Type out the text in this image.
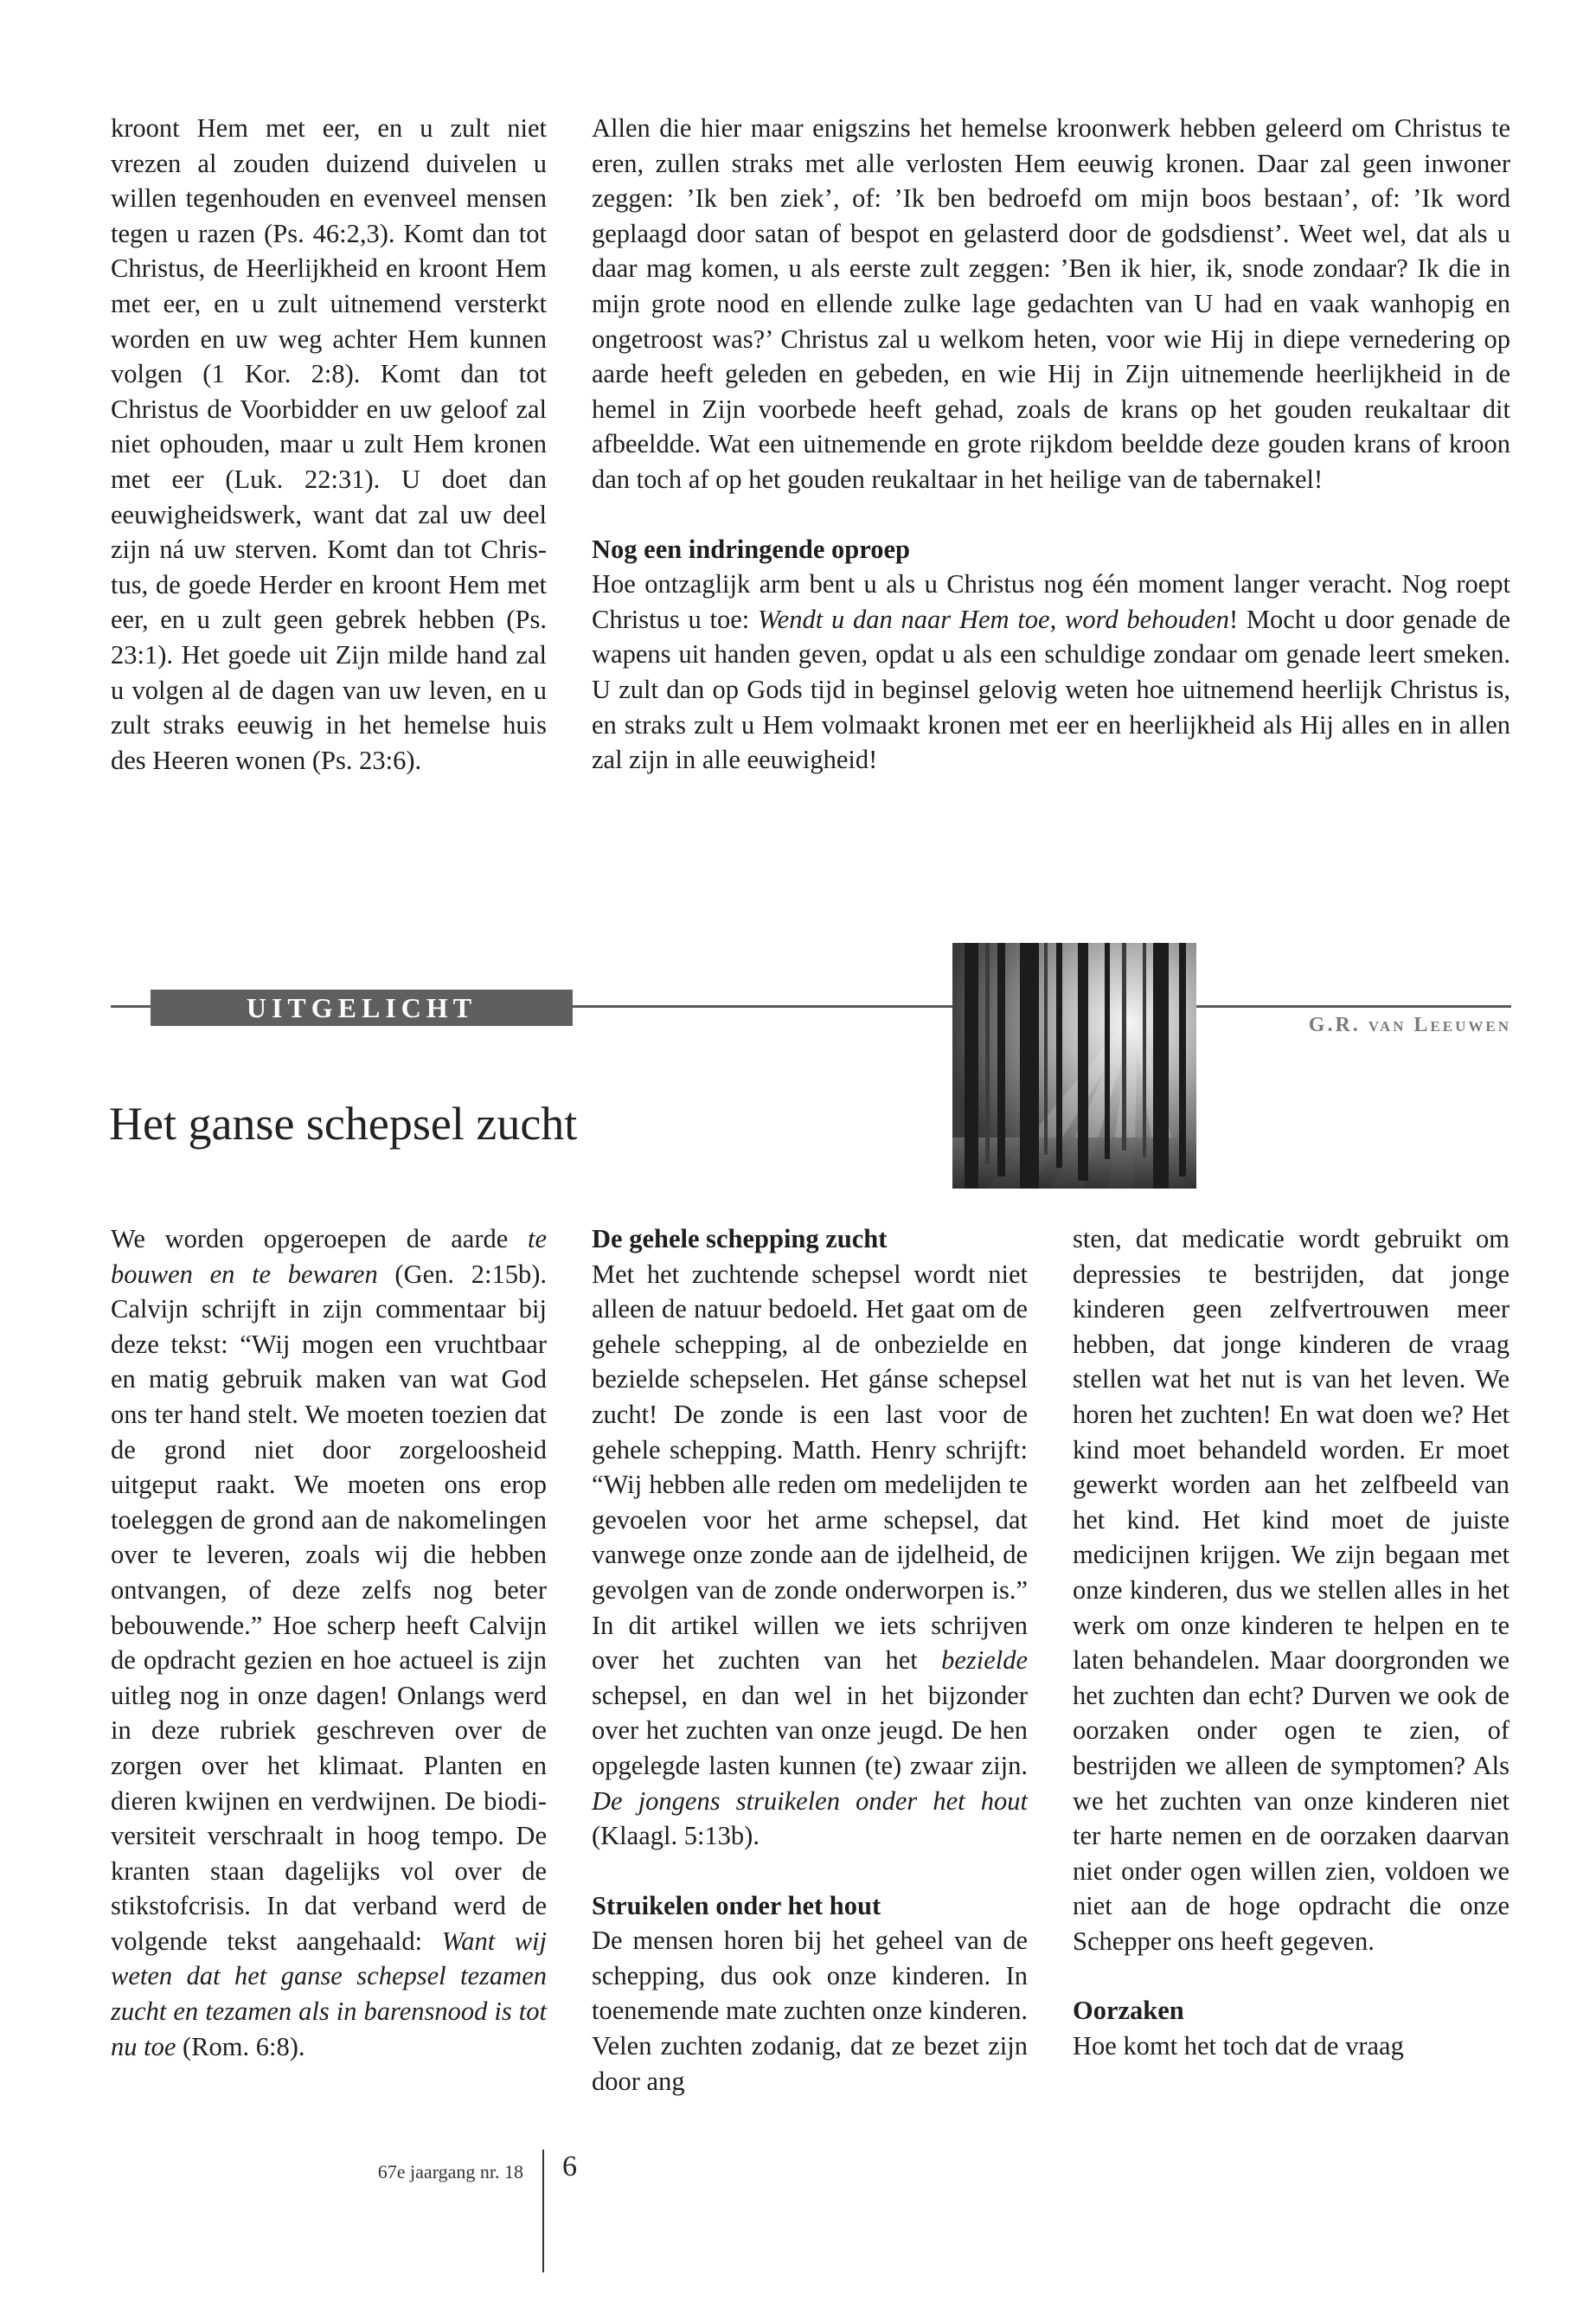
kroont Hem met eer, en u zult niet vrezen al zouden duizend duivelen u willen tegenhouden en evenveel mensen tegen u razen (Ps. 46:2,3). Komt dan tot Christus, de Heerlijkheid en kroont Hem met eer, en u zult uitnemend versterkt worden en uw weg achter Hem kunnen volgen (1 Kor. 2:8). Komt dan tot Christus de Voorbidder en uw geloof zal niet ophouden, maar u zult Hem kronen met eer (Luk. 22:31). U doet dan eeuwigheidswerk, want dat zal uw deel zijn ná uw sterven. Komt dan tot Christus, de goede Herder en kroont Hem met eer, en u zult geen gebrek hebben (Ps. 23:1). Het goede uit Zijn milde hand zal u volgen al de dagen van uw leven, en u zult straks eeuwig in het hemelse huis des Heeren wonen (Ps. 23:6).

Allen die hier maar enigszins het hemelse kroonwerk hebben geleerd om Christus te eren, zullen straks met alle verlosten Hem eeuwig kronen. Daar zal geen inwoner zeggen: ’Ik ben ziek’, of: ’Ik ben bedroefd om mijn boos bestaan’, of: ’Ik word geplaagd door satan of bespot en gelasterd door de godsdienst’. Weet wel, dat als u daar mag komen, u als eerste zult zeggen: ’Ben ik hier, ik, snode zondaar? Ik die in mijn grote nood en ellende zulke lage gedachten van U had en vaak wanhopig en ongetroost was?’ Christus zal u welkom heten, voor wie Hij in diepe vernedering op aarde heeft geleden en gebeden, en wie Hij in Zijn uitnemende heerlijkheid in de hemel in Zijn voorbede heeft gehad, zoals de krans op het gouden reukaltaar dit afbeeldde. Wat een uitnemende en grote rijkdom beeldde deze gouden krans of kroon dan toch af op het gouden reukaltaar in het heilige van de tabernakel!

Nog een indringende oproep

Hoe ontzaglijk arm bent u als u Christus nog één moment langer veracht. Nog roept Christus u toe: Wendt u dan naar Hem toe, word behouden! Mocht u door genade de wapens uit handen geven, opdat u als een schuldige zondaar om genade leert smeken. U zult dan op Gods tijd in beginsel gelovig weten hoe uitnemend heerlijk Christus is, en straks zult u Hem volmaakt kronen met eer en heerlijkheid als Hij alles en in allen zal zijn in alle eeuwigheid!

UITGELICHT
G.R. van Leeuwen
Het ganse schepsel zucht

We worden opgeroepen de aarde te bouwen en te bewaren (Gen. 2:15b). Calvijn schrijft in zijn commentaar bij deze tekst: “Wij mogen een vruchtbaar en matig gebruik maken van wat God ons ter hand stelt. We moeten toezien dat de grond niet door zorgeloosheid uitgeput raakt. We moeten ons erop toeleggen de grond aan de nakomelingen over te leveren, zoals wij die hebben ontvangen, of deze zelfs nog beter bebouwende.” Hoe scherp heeft Calvijn de opdracht gezien en hoe actueel is zijn uitleg nog in onze dagen! Onlangs werd in deze rubriek geschreven over de zorgen over het klimaat. Planten en dieren kwijnen en verdwijnen. De biodiversiteit verschraalt in hoog tempo. De kranten staan dagelijks vol over de stikstofcrisis. In dat verband werd de volgende tekst aangehaald: Want wij weten dat het ganse schepsel tezamen zucht en tezamen als in barensnood is tot nu toe (Rom. 6:8).

De gehele schepping zucht

Met het zuchtende schepsel wordt niet alleen de natuur bedoeld. Het gaat om de gehele schepping, al de onbezielde en bezielde schepselen. Het gánse schepsel zucht! De zonde is een last voor de gehele schepping. Matth. Henry schrijft: “Wij hebben alle reden om medelijden te gevoelen voor het arme schepsel, dat vanwege onze zonde aan de ijdelheid, de gevolgen van de zonde onderworpen is.” In dit artikel willen we iets schrijven over het zuchten van het bezielde schepsel, en dan wel in het bijzonder over het zuchten van onze jeugd. De hen opgelegde lasten kunnen (te) zwaar zijn. De jongens struikelen onder het hout (Klaagl. 5:13b).

Struikelen onder het hout

De mensen horen bij het geheel van de schepping, dus ook onze kinderen. In toenemende mate zuchten onze kinderen. Velen zuchten zodanig, dat ze bezet zijn door ang

sten, dat medicatie wordt gebruikt om depressies te bestrijden, dat jonge kinderen geen zelfvertrouwen meer hebben, dat jonge kinderen de vraag stellen wat het nut is van het leven. We horen het zuchten! En wat doen we? Het kind moet behandeld worden. Er moet gewerkt worden aan het zelfbeeld van het kind. Het kind moet de juiste medicijnen krijgen. We zijn begaan met onze kinderen, dus we stellen alles in het werk om onze kinderen te helpen en te laten behandelen. Maar doorgronden we het zuchten dan echt? Durven we ook de oorzaken onder ogen te zien, of bestrijden we alleen de symptomen? Als we het zuchten van onze kinderen niet ter harte nemen en de oorzaken daarvan niet onder ogen willen zien, voldoen we niet aan de hoge opdracht die onze Schepper ons heeft gegeven.

Oorzaken

Hoe komt het toch dat de vraag

67e jaargang nr. 18 6
